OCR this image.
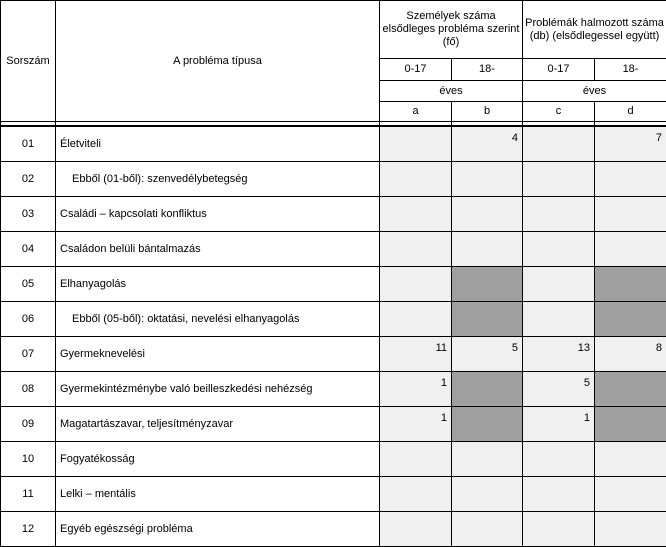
Sorszám	A probléma típusa	Személyek száma elsődleges probléma szerint (fő)		Problémák halmozott száma (db) (elsődlegessel együtt)	
		0-17	18-	0-17	18-
		éves		éves	
		a	b	c	d

01	Életviteli		4		7
02	Ebből (01-ből): szenvedélybetegség				
03	Családi – kapcsolati konfliktus				
04	Családon belüli bántalmazás				
05	Elhanyagolás				
06	Ebből (05-ből): oktatási, nevelési elhanyagolás				
07	Gyermeknevelési	11	5	13	8
08	Gyermekintézménybe való beilleszkedési nehézség	1		5	
09	Magatartászavar, teljesítményzavar	1		1	
10	Fogyatékosság				
11	Lelki – mentális				
12	Egyéb egészségi probléma				
